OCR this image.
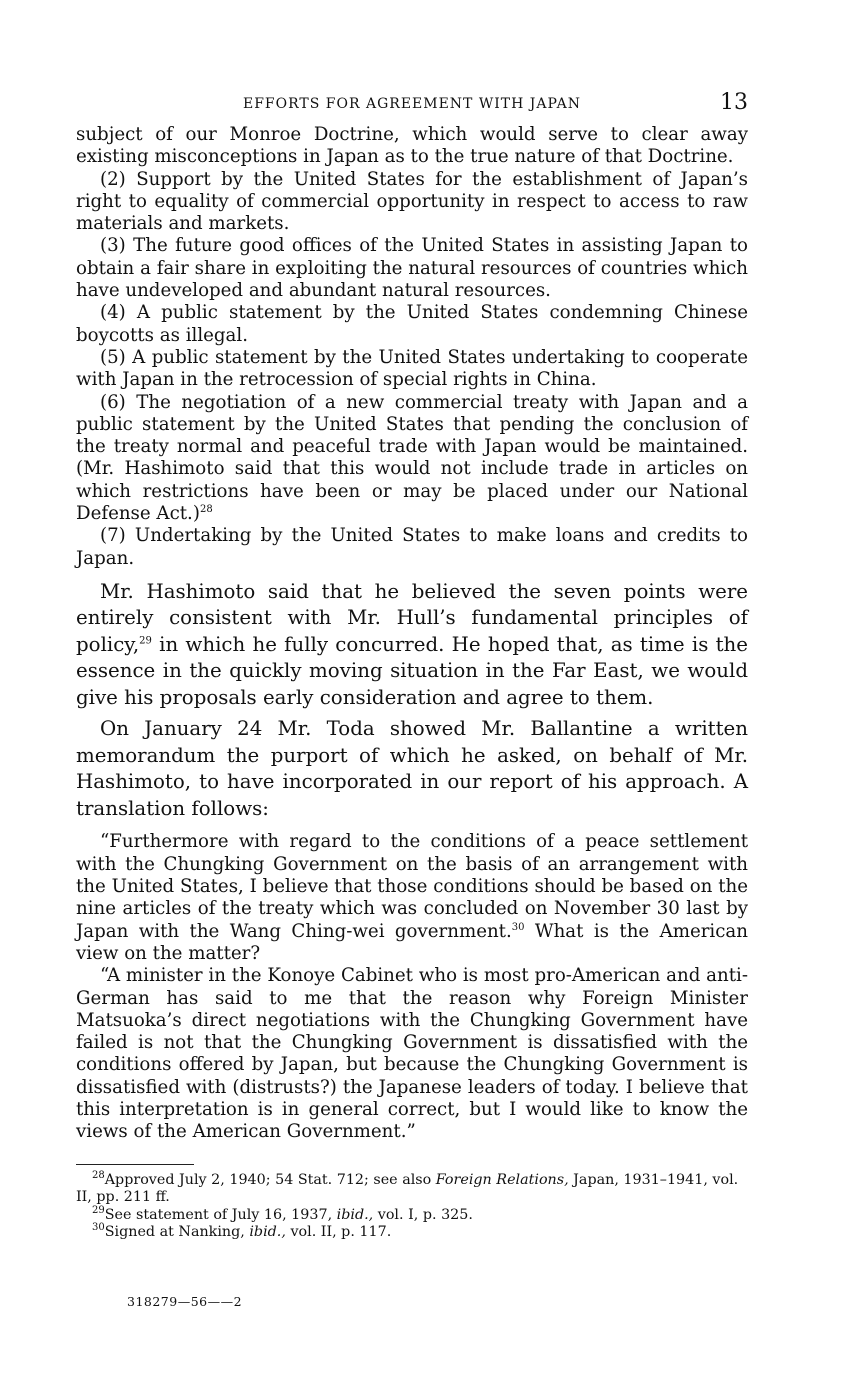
EFFORTS FOR AGREEMENT WITH JAPAN	13

subject of our Monroe Doctrine, which would serve to clear away existing misconceptions in Japan as to the true nature of that Doctrine.

(2) Support by the United States for the establishment of Japan’s right to equality of commercial opportunity in respect to access to raw materials and markets.

(3) The future good offices of the United States in assisting Japan to obtain a fair share in exploiting the natural resources of countries which have undeveloped and abundant natural resources.

(4) A public statement by the United States condemning Chinese boycotts as illegal.

(5) A public statement by the United States undertaking to cooperate with Japan in the retrocession of special rights in China.

(6) The negotiation of a new commercial treaty with Japan and a public statement by the United States that pending the conclusion of the treaty normal and peaceful trade with Japan would be maintained. (Mr. Hashimoto said that this would not include trade in articles on which restrictions have been or may be placed under our National Defense Act.)$^{28}$

(7) Undertaking by the United States to make loans and credits to Japan.

Mr. Hashimoto said that he believed the seven points were entirely consistent with Mr. Hull’s fundamental principles of policy,$^{29}$ in which he fully concurred. He hoped that, as time is the essence in the quickly moving situation in the Far East, we would give his proposals early consideration and agree to them.

On January 24 Mr. Toda showed Mr. Ballantine a written memorandum the purport of which he asked, on behalf of Mr. Hashimoto, to have incorporated in our report of his approach. A translation follows:

“Furthermore with regard to the conditions of a peace settlement with the Chungking Government on the basis of an arrangement with the United States, I believe that those conditions should be based on the nine articles of the treaty which was concluded on November 30 last by Japan with the Wang Ching-wei government.$^{30}$ What is the American view on the matter?

“A minister in the Konoye Cabinet who is most pro-American and anti-German has said to me that the reason why Foreign Minister Matsuoka’s direct negotiations with the Chungking Government have failed is not that the Chungking Government is dissatisfied with the conditions offered by Japan, but because the Chungking Government is dissatisfied with (distrusts?) the Japanese leaders of today. I believe that this interpretation is in general correct, but I would like to know the views of the American Government.”

$^{28}$Approved July 2, 1940; 54 Stat. 712; see also Foreign Relations, Japan, 1931–1941, vol. II, pp. 211 ff.

$^{29}$See statement of July 16, 1937, ibid., vol. I, p. 325.

$^{30}$Signed at Nanking, ibid., vol. II, p. 117.

318279—56——2
